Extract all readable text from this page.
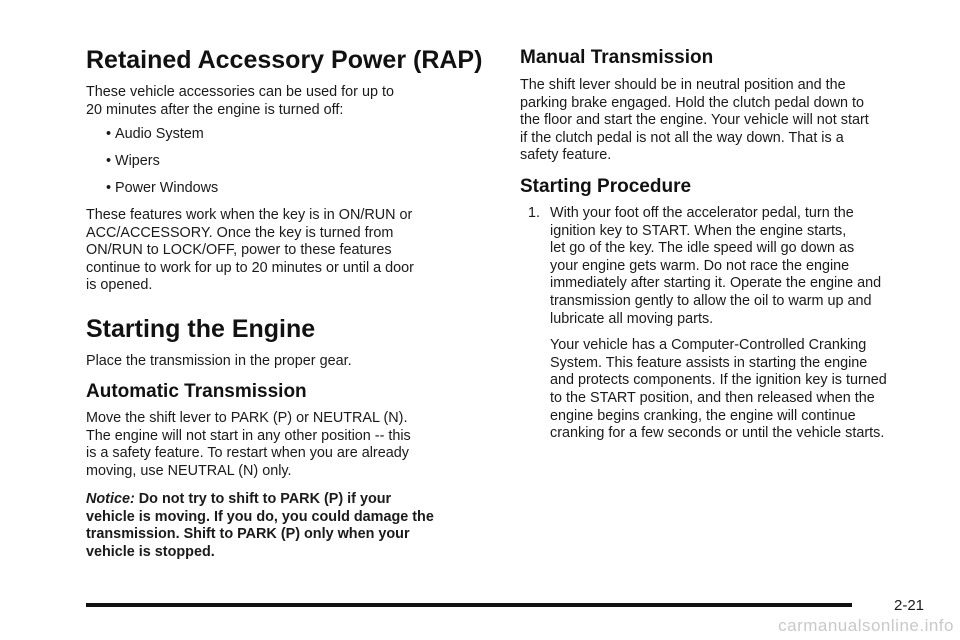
Retained Accessory Power (RAP)

These vehicle accessories can be used for up to
20 minutes after the engine is turned off:

• Audio System
• Wipers
• Power Windows

These features work when the key is in ON/RUN or
ACC/ACCESSORY. Once the key is turned from
ON/RUN to LOCK/OFF, power to these features
continue to work for up to 20 minutes or until a door
is opened.

Starting the Engine

Place the transmission in the proper gear.

Automatic Transmission

Move the shift lever to PARK (P) or NEUTRAL (N).
The engine will not start in any other position -- this
is a safety feature. To restart when you are already
moving, use NEUTRAL (N) only.

Notice: Do not try to shift to PARK (P) if your
vehicle is moving. If you do, you could damage the
transmission. Shift to PARK (P) only when your
vehicle is stopped.

Manual Transmission

The shift lever should be in neutral position and the
parking brake engaged. Hold the clutch pedal down to
the floor and start the engine. Your vehicle will not start
if the clutch pedal is not all the way down. That is a
safety feature.

Starting Procedure
1. With your foot off the accelerator pedal, turn the
ignition key to START. When the engine starts,
let go of the key. The idle speed will go down as
your engine gets warm. Do not race the engine
immediately after starting it. Operate the engine and
transmission gently to allow the oil to warm up and
lubricate all moving parts.

Your vehicle has a Computer-Controlled Cranking
System. This feature assists in starting the engine
and protects components. If the ignition key is turned
to the START position, and then released when the
engine begins cranking, the engine will continue
cranking for a few seconds or until the vehicle starts.

2-21
carmanualsonline.info
